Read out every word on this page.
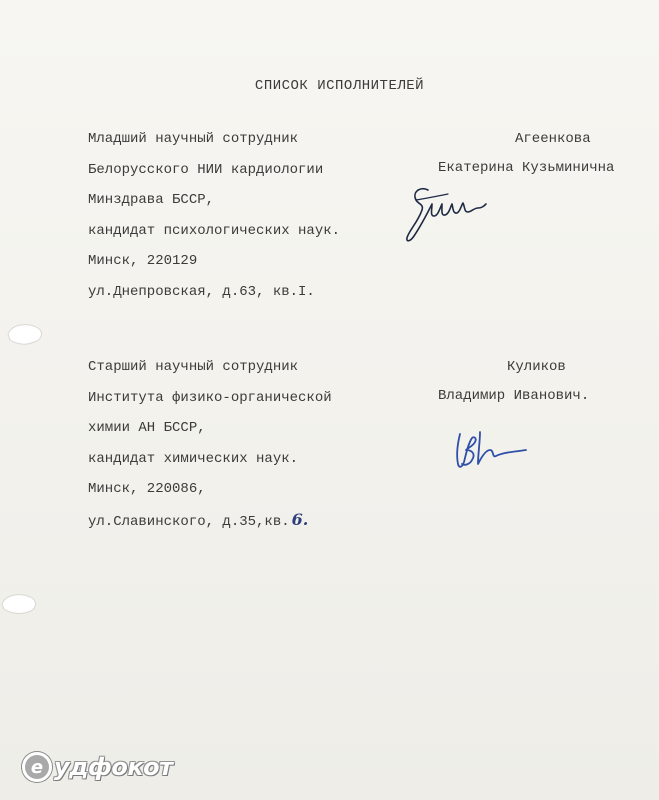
СПИСОК ИСПОЛНИТЕЛЕЙ
Младший научный сотрудник
Белорусского НИИ кардиологии
Минздрава БССР,
кандидат психологических наук.
Минск, 220129
ул.Днепровская, д.63, кв.I.
Агеенкова
Екатерина Кузьминична
Старший научный сотрудник
Института физико-органической
химии АН БССР,
кандидат химических наук.
Минск, 220086,
ул.Славинского, д.35,кв. 6.
Куликов
Владимир Иванович.
e удфокот
